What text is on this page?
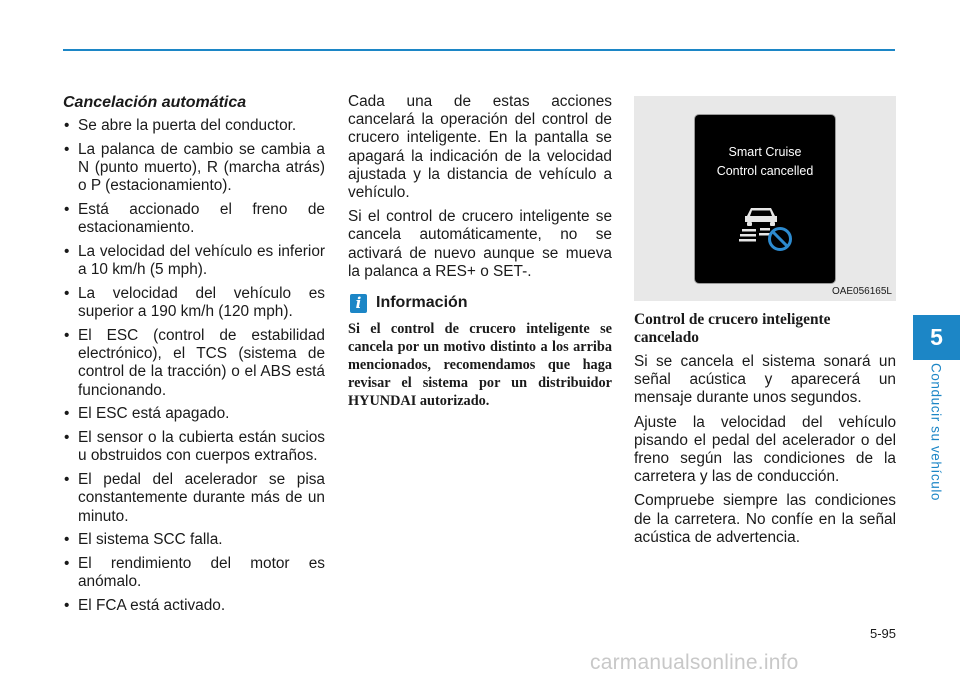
Cancelación automática
• Se abre la puerta del conductor.
• La palanca de cambio se cambia a N (punto muerto), R (marcha atrás) o P (estacionamiento).
• Está accionado el freno de estacionamiento.
• La velocidad del vehículo es inferior a 10 km/h (5 mph).
• La velocidad del vehículo es superior a 190 km/h (120 mph).
• El ESC (control de estabilidad electrónico), el TCS (sistema de control de la tracción) o el ABS está funcionando.
• El ESC está apagado.
• El sensor o la cubierta están sucios u obstruidos con cuerpos extraños.
• El pedal del acelerador se pisa constantemente durante más de un minuto.
• El sistema SCC falla.
• El rendimiento del motor es anómalo.
• El FCA está activado.

Cada una de estas acciones cancelará la operación del control de crucero inteligente. En la pantalla se apagará la indicación de la velocidad ajustada y la distancia de vehículo a vehículo.

Si el control de crucero inteligente se cancela automáticamente, no se activará de nuevo aunque se mueva la palanca a RES+ o SET-.

i Información

Si el control de crucero inteligente se cancela por un motivo distinto a los arriba mencionados, recomendamos que haga revisar el sistema por un distribuidor HYUNDAI autorizado.

Smart Cruise
Control cancelled
OAE056165L
Control de crucero inteligente cancelado

Si se cancela el sistema sonará un señal acústica y aparecerá un mensaje durante unos segundos.

Ajuste la velocidad del vehículo pisando el pedal del acelerador o del freno según las condiciones de la carretera y las de conducción.

Compruebe siempre las condiciones de la carretera. No confíe en la señal acústica de advertencia.

5
Conducir su vehículo
5-95
carmanualsonline.info
